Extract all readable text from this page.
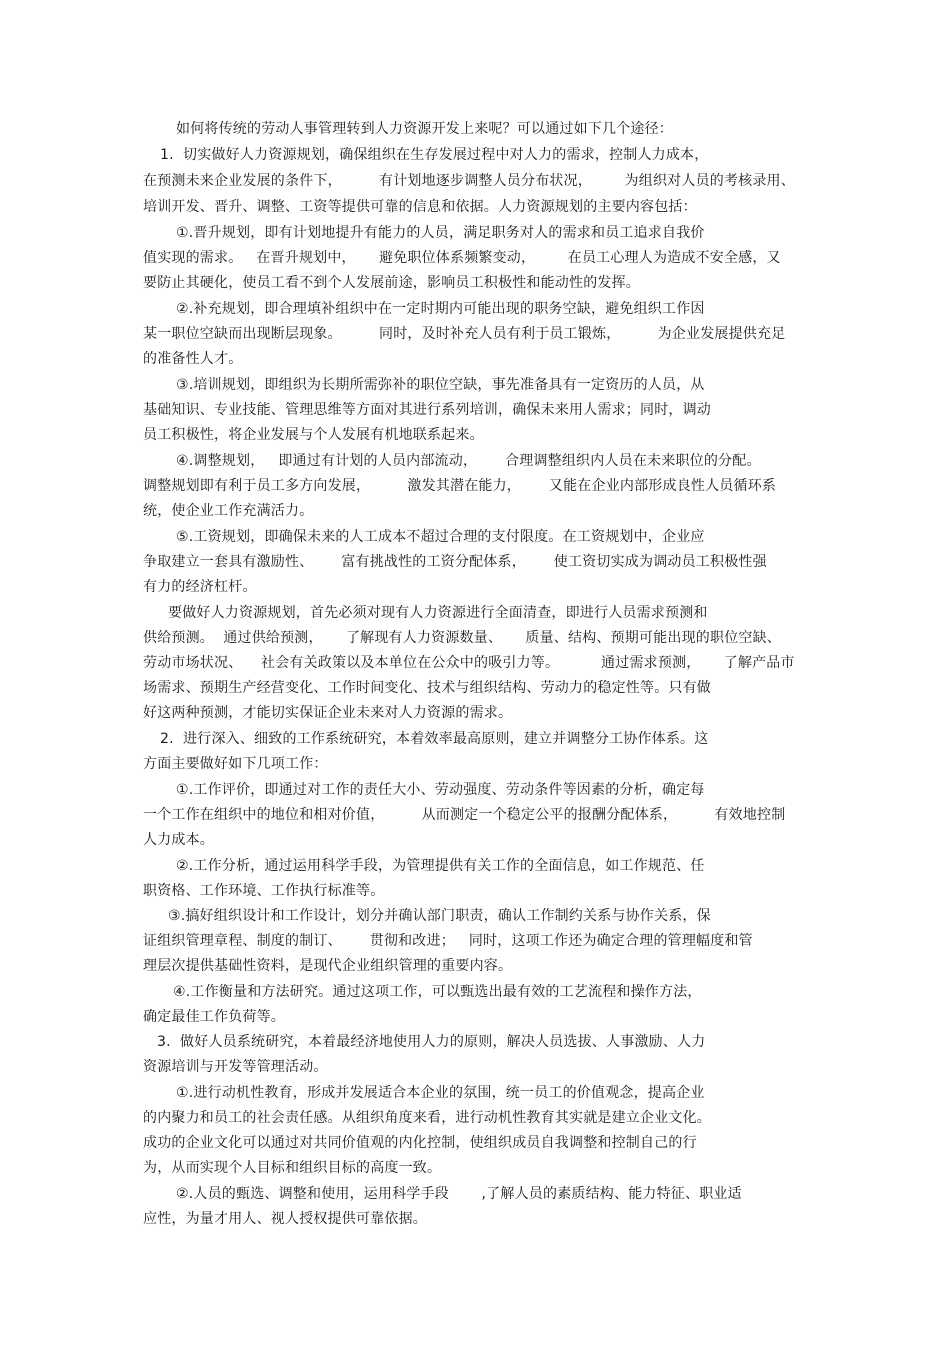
如何将传统的劳动人事管理转到人力资源开发上来呢？可以通过如下几个途径：

1.  切实做好人力资源规划，确保组织在生存发展过程中对人力的需求，控制人力成本，

在预测未来企业发展的条件下，        有计划地逐步调整人员分布状况，       为组织对人员的考核录用、

培训开发、晋升、调整、工资等提供可靠的信息和依据。人力资源规划的主要内容包括：

①.晋升规划，即有计划地提升有能力的人员，满足职务对人的需求和员工追求自我价

值实现的需求。   在晋升规划中，     避免职位体系频繁变动，       在员工心理人为造成不安全感，又

要防止其硬化，使员工看不到个人发展前途，影响员工积极性和能动性的发挥。

②.补充规划，即合理填补组织中在一定时期内可能出现的职务空缺，避免组织工作因

某一职位空缺而出现断层现象。        同时，及时补充人员有利于员工锻炼，        为企业发展提供充足

的准备性人才。

③.培训规划，即组织为长期所需弥补的职位空缺，事先准备具有一定资历的人员，从

基础知识、专业技能、管理思维等方面对其进行系列培训，确保未来用人需求；同时，调动

员工积极性，将企业发展与个人发展有机地联系起来。

④.调整规划，   即通过有计划的人员内部流动，      合理调整组织内人员在未来职位的分配。

调整规划即有利于员工多方向发展，        激发其潜在能力，      又能在企业内部形成良性人员循环系

统，使企业工作充满活力。

⑤.工资规划，即确保未来的人工成本不超过合理的支付限度。在工资规划中，企业应

争取建立一套具有激励性、      富有挑战性的工资分配体系，      使工资切实成为调动员工积极性强

有力的经济杠杆。

要做好人力资源规划，首先必须对现有人力资源进行全面清查，即进行人员需求预测和

供给预测。  通过供给预测，     了解现有人力资源数量、     质量、结构、预期可能出现的职位空缺、

劳动市场状况、    社会有关政策以及本单位在公众中的吸引力等。         通过需求预测，     了解产品市

场需求、预期生产经营变化、工作时间变化、技术与组织结构、劳动力的稳定性等。只有做

好这两种预测，才能切实保证企业未来对人力资源的需求。

2.  进行深入、细致的工作系统研究，本着效率最高原则，建立并调整分工协作体系。这

方面主要做好如下几项工作：

①.工作评价，即通过对工作的责任大小、劳动强度、劳动条件等因素的分析，确定每

一个工作在组织中的地位和相对价值，        从而测定一个稳定公平的报酬分配体系，        有效地控制

人力成本。

②.工作分析，通过运用科学手段，为管理提供有关工作的全面信息，如工作规范、任

职资格、工作环境、工作执行标准等。

③.搞好组织设计和工作设计，划分并确认部门职责，确认工作制约关系与协作关系，保

证组织管理章程、制度的制订、      贯彻和改进；   同时，这项工作还为确定合理的管理幅度和管

理层次提供基础性资料，是现代企业组织管理的重要内容。

④.工作衡量和方法研究。通过这项工作，可以甄选出最有效的工艺流程和操作方法，

确定最佳工作负荷等。

3.  做好人员系统研究，本着最经济地使用人力的原则，解决人员选拔、人事激励、人力

资源培训与开发等管理活动。

①.进行动机性教育，形成并发展适合本企业的氛围，统一员工的价值观念，提高企业

的内聚力和员工的社会责任感。从组织角度来看，进行动机性教育其实就是建立企业文化。

成功的企业文化可以通过对共同价值观的内化控制，使组织成员自我调整和控制自己的行

为，从而实现个人目标和组织目标的高度一致。

②.人员的甄选、调整和使用，运用科学手段       ,了解人员的素质结构、能力特征、职业适

应性，为量才用人、视人授权提供可靠依据。
